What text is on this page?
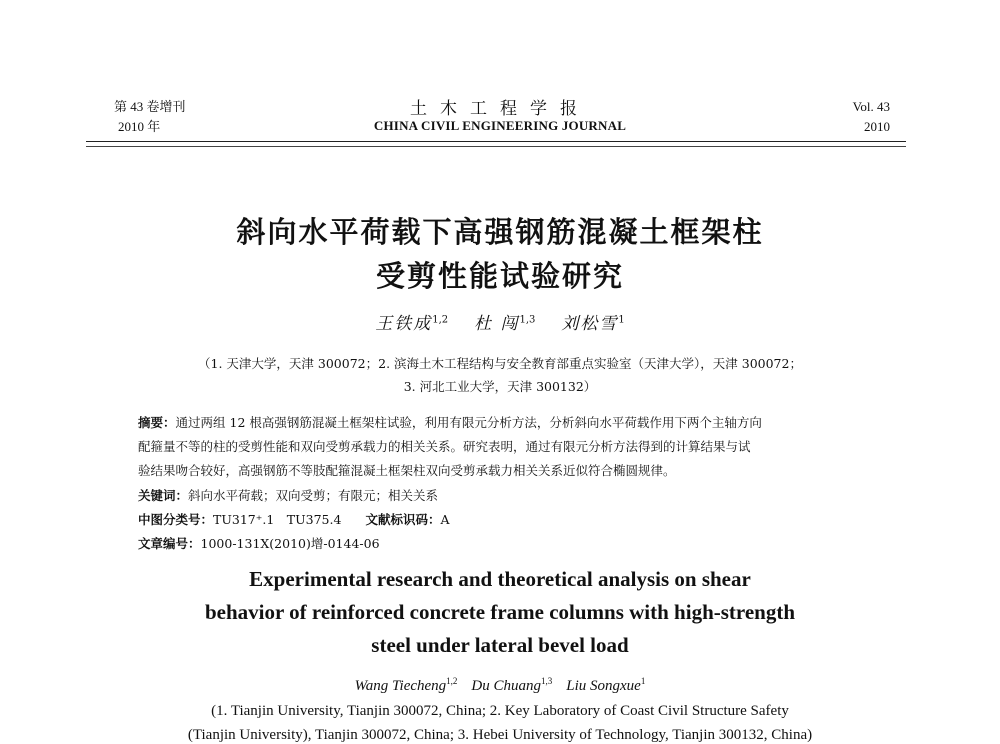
第 43 卷增刊
2010 年
土木工程学报
CHINA CIVIL ENGINEERING JOURNAL
Vol. 43
2010
斜向水平荷载下高强钢筋混凝土框架柱
受剪性能试验研究
王铁成$^{1,2}$ 杜 闯$^{1,3}$ 刘松雪$^1$
（1. 天津大学，天津 300072；2. 滨海土木工程结构与安全教育部重点实验室（天津大学），天津 300072；
3. 河北工业大学，天津 300132）
摘要：通过两组 12 根高强钢筋混凝土框架柱试验，利用有限元分析方法，分析斜向水平荷载作用下两个主轴方向
配箍量不等的柱的受剪性能和双向受剪承载力的相关关系。研究表明，通过有限元分析方法得到的计算结果与试
验结果吻合较好，高强钢筋不等肢配箍混凝土框架柱双向受剪承载力相关关系近似符合椭圆规律。
关键词：斜向水平荷载；双向受剪；有限元；相关关系
中图分类号：TU317⁺.1　TU375.4 文献标识码：A
文章编号：1000-131X(2010)增-0144-06
Experimental research and theoretical analysis on shear
behavior of reinforced concrete frame columns with high-strength
steel under lateral bevel load
Wang Tiecheng$^{1,2}$ Du Chuang$^{1,3}$ Liu Songxue$^1$
(1. Tianjin University, Tianjin 300072, China; 2. Key Laboratory of Coast Civil Structure Safety
(Tianjin University), Tianjin 300072, China; 3. Hebei University of Technology, Tianjin 300132, China)
